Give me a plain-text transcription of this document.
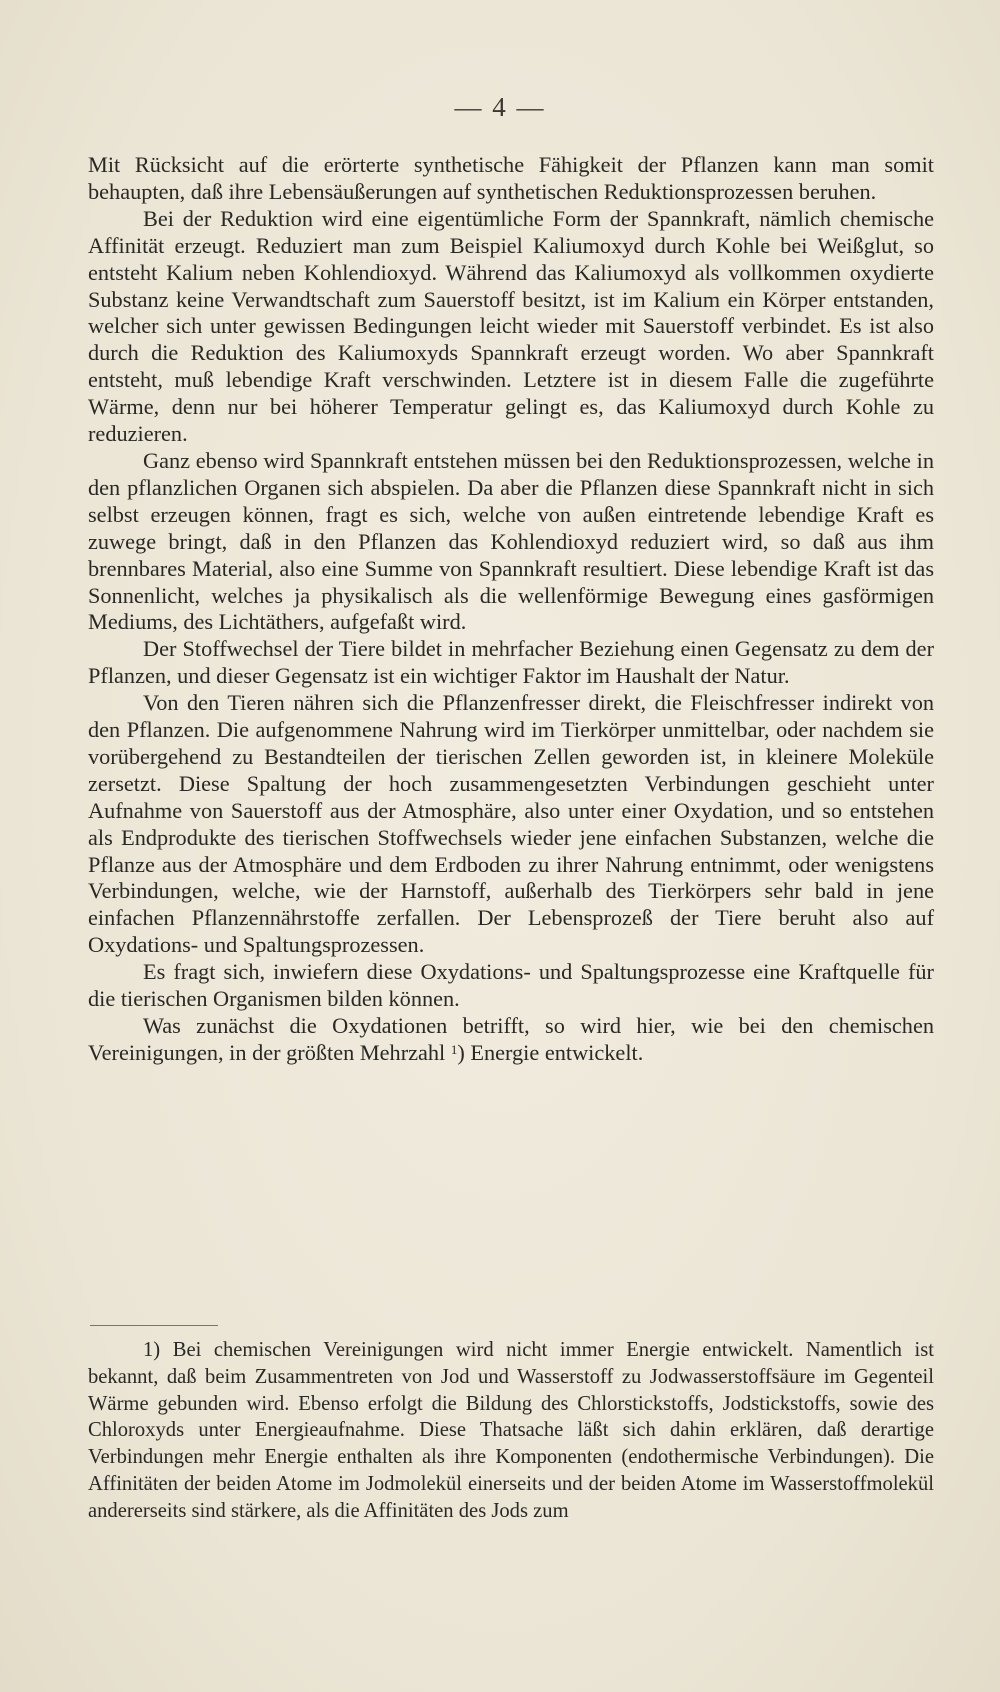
— 4 —

Mit Rücksicht auf die erörterte synthetische Fähigkeit der Pflanzen kann man somit behaupten, daß ihre Lebensäußerungen auf synthetischen Reduktionsprozessen beruhen.

Bei der Reduktion wird eine eigentümliche Form der Spannkraft, nämlich chemische Affinität erzeugt. Reduziert man zum Beispiel Kaliumoxyd durch Kohle bei Weißglut, so entsteht Kalium neben Kohlendioxyd. Während das Kaliumoxyd als vollkommen oxydierte Substanz keine Verwandtschaft zum Sauerstoff besitzt, ist im Kalium ein Körper entstanden, welcher sich unter gewissen Bedingungen leicht wieder mit Sauerstoff verbindet. Es ist also durch die Reduktion des Kaliumoxyds Spannkraft erzeugt worden. Wo aber Spannkraft entsteht, muß lebendige Kraft verschwinden. Letztere ist in diesem Falle die zugeführte Wärme, denn nur bei höherer Temperatur gelingt es, das Kaliumoxyd durch Kohle zu reduzieren.

Ganz ebenso wird Spannkraft entstehen müssen bei den Reduktionsprozessen, welche in den pflanzlichen Organen sich abspielen. Da aber die Pflanzen diese Spannkraft nicht in sich selbst erzeugen können, fragt es sich, welche von außen eintretende lebendige Kraft es zuwege bringt, daß in den Pflanzen das Kohlendioxyd reduziert wird, so daß aus ihm brennbares Material, also eine Summe von Spannkraft resultiert. Diese lebendige Kraft ist das Sonnenlicht, welches ja physikalisch als die wellenförmige Bewegung eines gasförmigen Mediums, des Lichtäthers, aufgefaßt wird.

Der Stoffwechsel der Tiere bildet in mehrfacher Beziehung einen Gegensatz zu dem der Pflanzen, und dieser Gegensatz ist ein wichtiger Faktor im Haushalt der Natur.

Von den Tieren nähren sich die Pflanzenfresser direkt, die Fleischfresser indirekt von den Pflanzen. Die aufgenommene Nahrung wird im Tierkörper unmittelbar, oder nachdem sie vorübergehend zu Bestandteilen der tierischen Zellen geworden ist, in kleinere Moleküle zersetzt. Diese Spaltung der hoch zusammengesetzten Verbindungen geschieht unter Aufnahme von Sauerstoff aus der Atmosphäre, also unter einer Oxydation, und so entstehen als Endprodukte des tierischen Stoffwechsels wieder jene einfachen Substanzen, welche die Pflanze aus der Atmosphäre und dem Erdboden zu ihrer Nahrung entnimmt, oder wenigstens Verbindungen, welche, wie der Harnstoff, außerhalb des Tierkörpers sehr bald in jene einfachen Pflanzennährstoffe zerfallen. Der Lebensprozeß der Tiere beruht also auf Oxydations- und Spaltungsprozessen.

Es fragt sich, inwiefern diese Oxydations- und Spaltungsprozesse eine Kraftquelle für die tierischen Organismen bilden können.

Was zunächst die Oxydationen betrifft, so wird hier, wie bei den chemischen Vereinigungen, in der größten Mehrzahl $^1$) Energie entwickelt.

1) Bei chemischen Vereinigungen wird nicht immer Energie entwickelt. Namentlich ist bekannt, daß beim Zusammentreten von Jod und Wasserstoff zu Jodwasserstoffsäure im Gegenteil Wärme gebunden wird. Ebenso erfolgt die Bildung des Chlorstickstoffs, Jodstickstoffs, sowie des Chloroxyds unter Energieaufnahme. Diese Thatsache läßt sich dahin erklären, daß derartige Verbindungen mehr Energie enthalten als ihre Komponenten (endothermische Verbindungen). Die Affinitäten der beiden Atome im Jodmolekül einerseits und der beiden Atome im Wasserstoffmolekül andererseits sind stärkere, als die Affinitäten des Jods zum
